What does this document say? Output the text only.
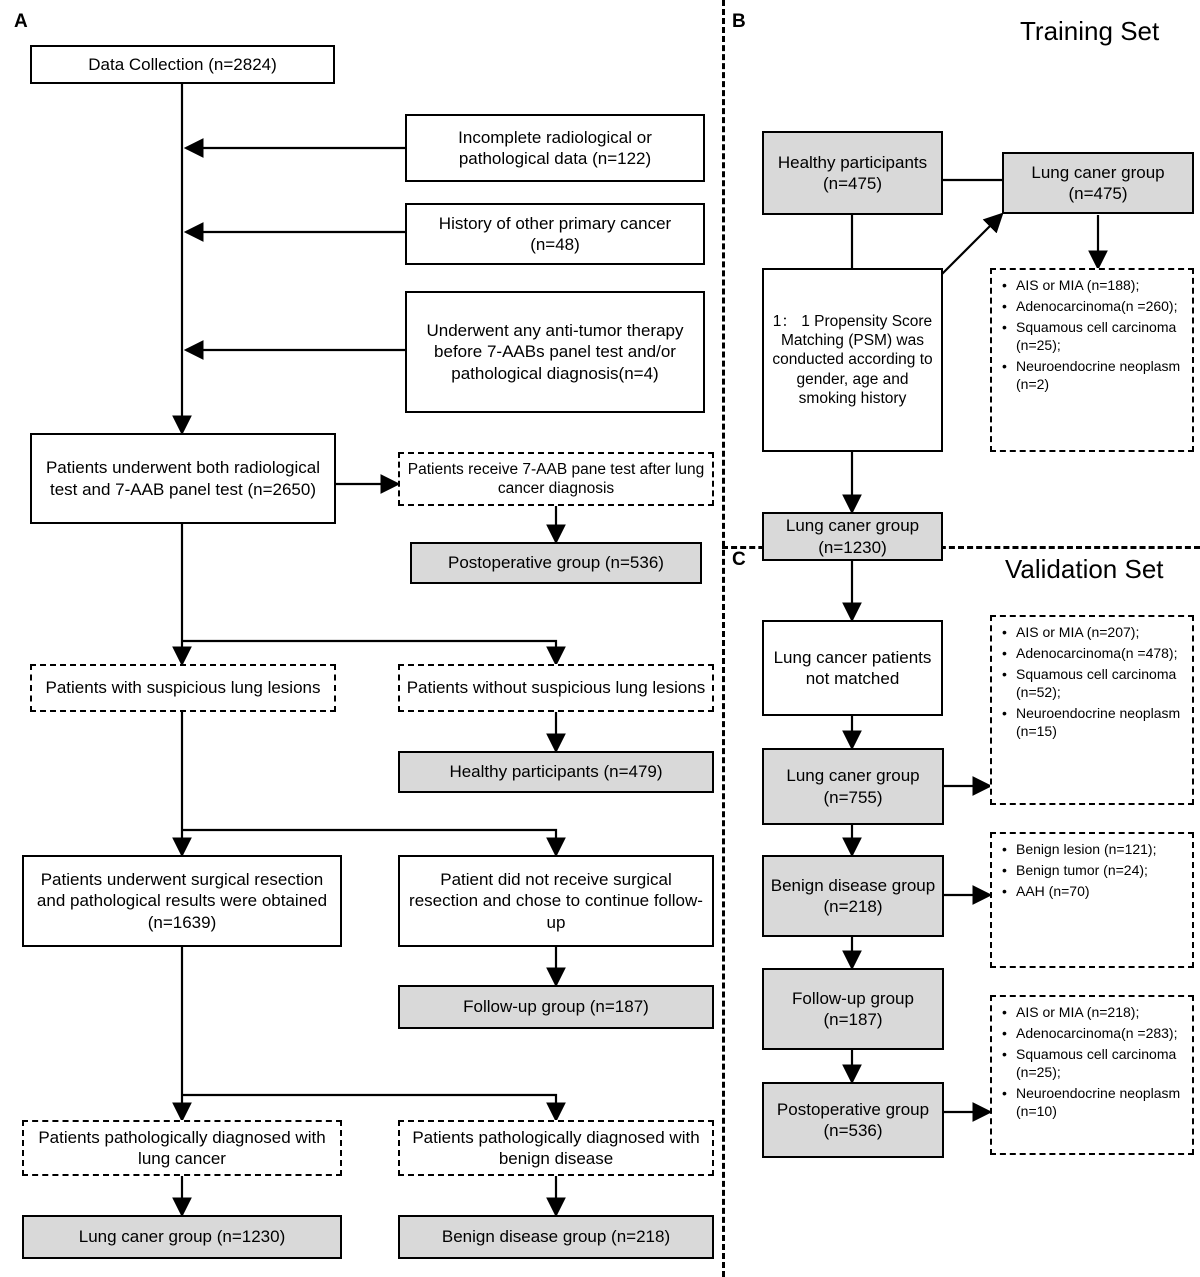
A	B	Training Set
C	Validation Set
Data Collection (n=2824)
Incomplete radiological or pathological data (n=122)
History of other primary cancer (n=48)
Underwent any anti-tumor therapy before 7-AABs panel test and/or pathological diagnosis(n=4)
Patients underwent both radiological test and 7-AAB panel test (n=2650)
Patients receive 7-AAB pane test after lung cancer diagnosis
Postoperative group (n=536)
Patients with suspicious lung lesions	Patients without suspicious lung lesions
Healthy participants (n=479)
Patients underwent surgical resection and pathological results were obtained (n=1639)
Patient did not receive surgical resection and chose to continue follow-up
Follow-up group (n=187)
Patients pathologically diagnosed with lung cancer
Patients pathologically diagnosed with benign disease
Lung caner group (n=1230)	Benign disease group (n=218)
Healthy participants (n=475)
Lung caner group (n=475)
1： 1 Propensity Score Matching (PSM) was conducted according to gender, age and smoking history
• AIS or MIA (n=188);
• Adenocarcinoma(n =260);
• Squamous cell carcinoma (n=25);
• Neuroendocrine neoplasm (n=2)
Lung caner group (n=1230)
Lung cancer patients not matched
Lung caner group (n=755)
• AIS or MIA (n=207);
• Adenocarcinoma(n =478);
• Squamous cell carcinoma (n=52);
• Neuroendocrine neoplasm (n=15)
Benign disease group (n=218)
• Benign lesion (n=121);
• Benign tumor (n=24);
• AAH (n=70)
Follow-up group (n=187)
Postoperative group (n=536)
• AIS or MIA (n=218);
• Adenocarcinoma(n =283);
• Squamous cell carcinoma (n=25);
• Neuroendocrine neoplasm (n=10)
